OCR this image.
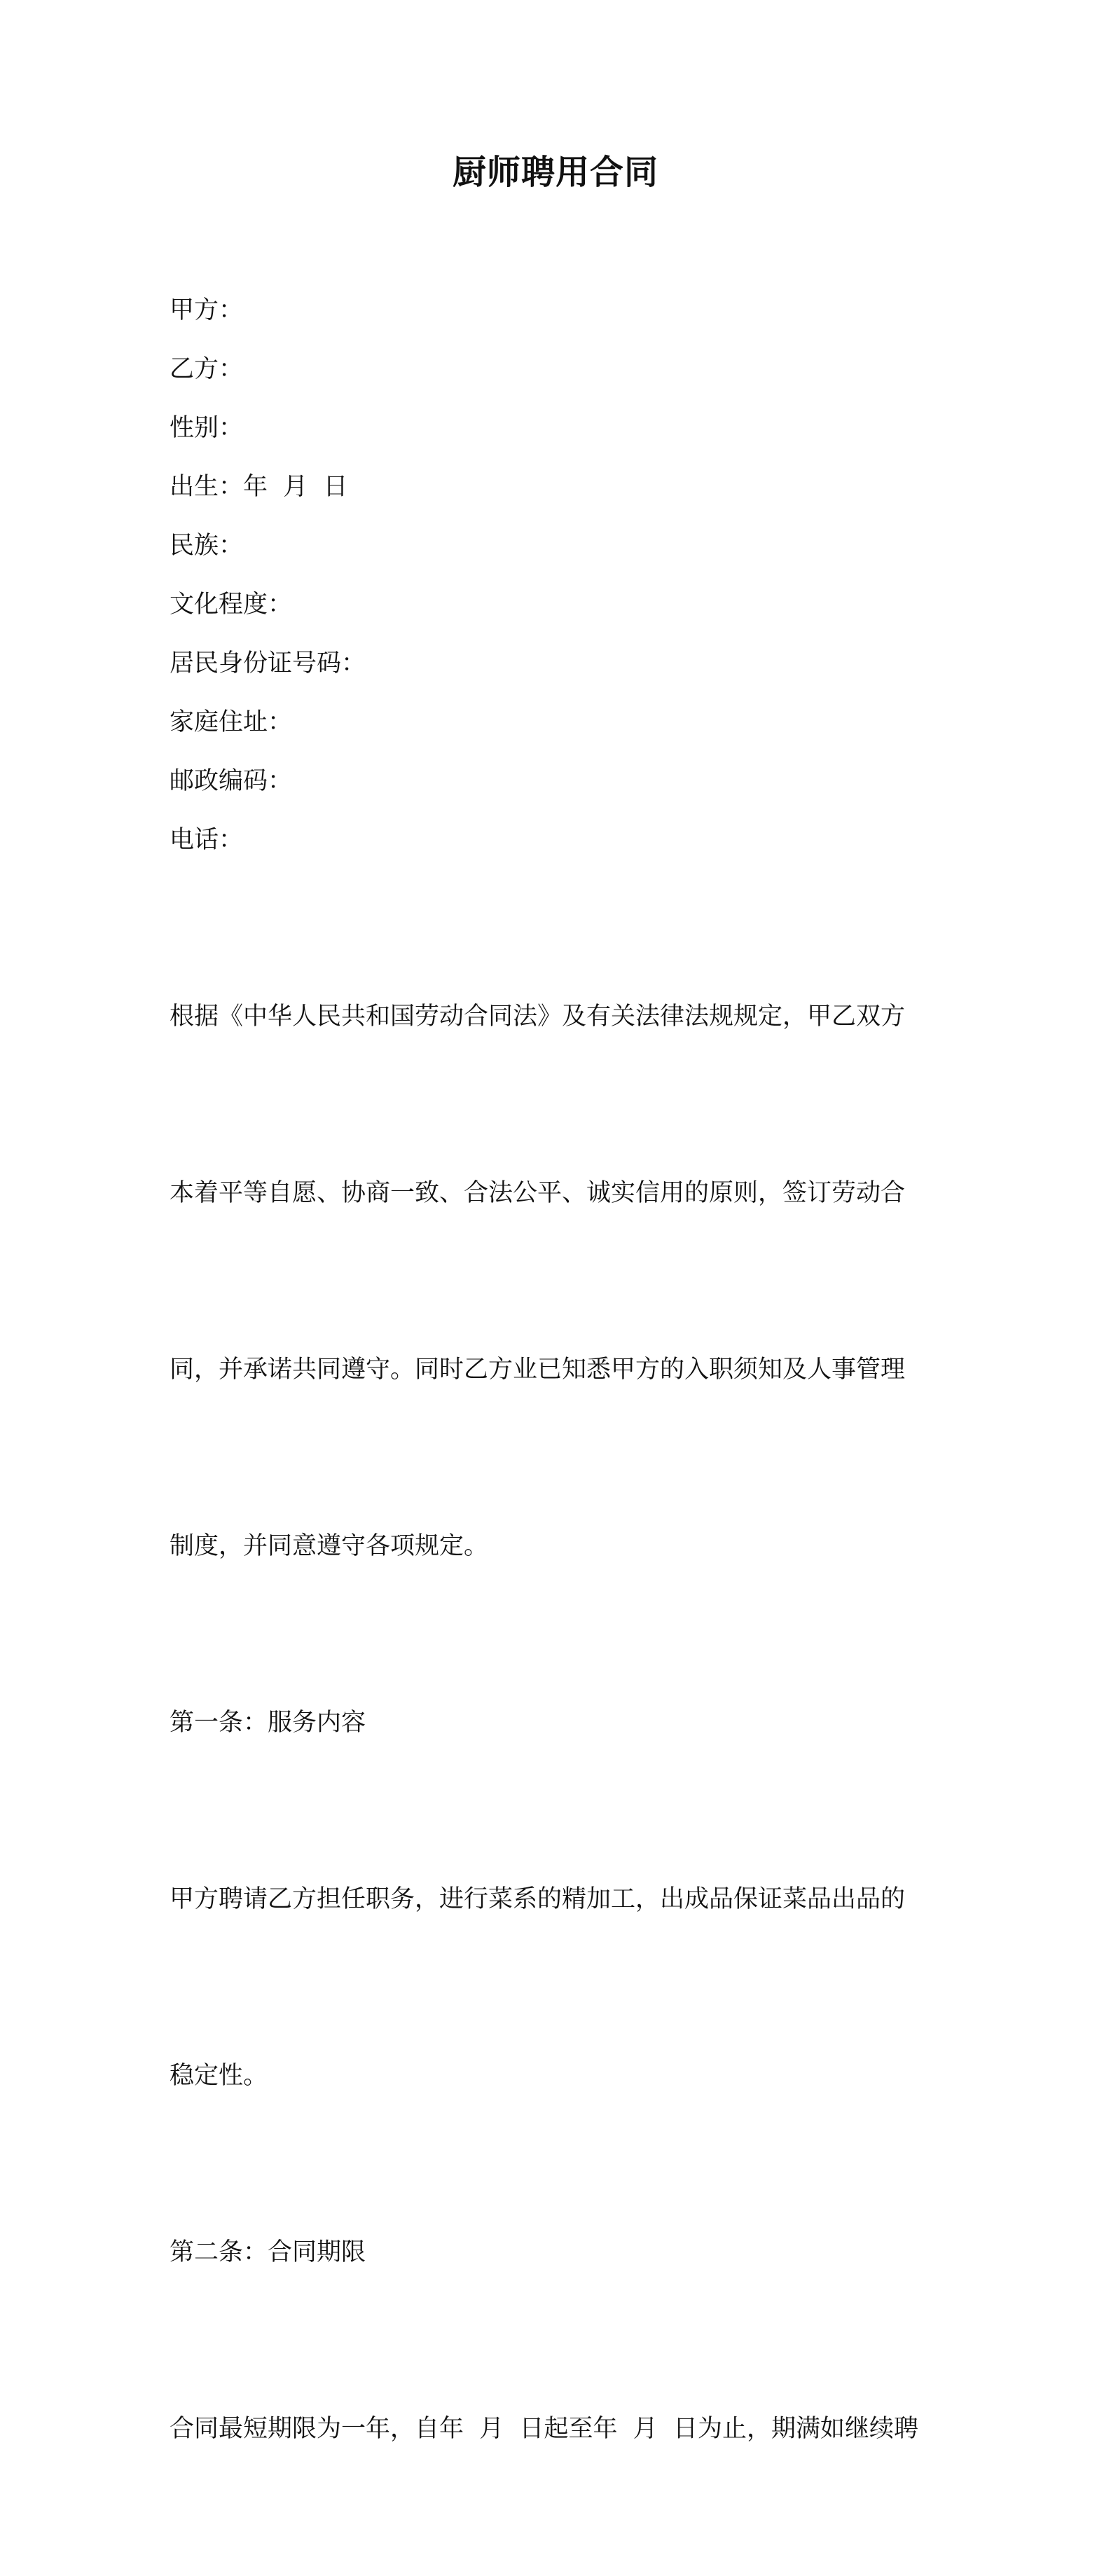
厨师聘用合同
甲方：
乙方：
性别：
出生：年  月  日
民族：
文化程度：
居民身份证号码：
家庭住址：
邮政编码：
电话：

根据《中华人民共和国劳动合同法》及有关法律法规规定，甲乙双方

本着平等自愿、协商一致、合法公平、诚实信用的原则，签订劳动合

同，并承诺共同遵守。同时乙方业已知悉甲方的入职须知及人事管理

制度，并同意遵守各项规定。

第一条：服务内容

甲方聘请乙方担任职务，进行菜系的精加工，出成品保证菜品出品的

稳定性。

第二条：合同期限

合同最短期限为一年，自年  月  日起至年  月  日为止，期满如继续聘
